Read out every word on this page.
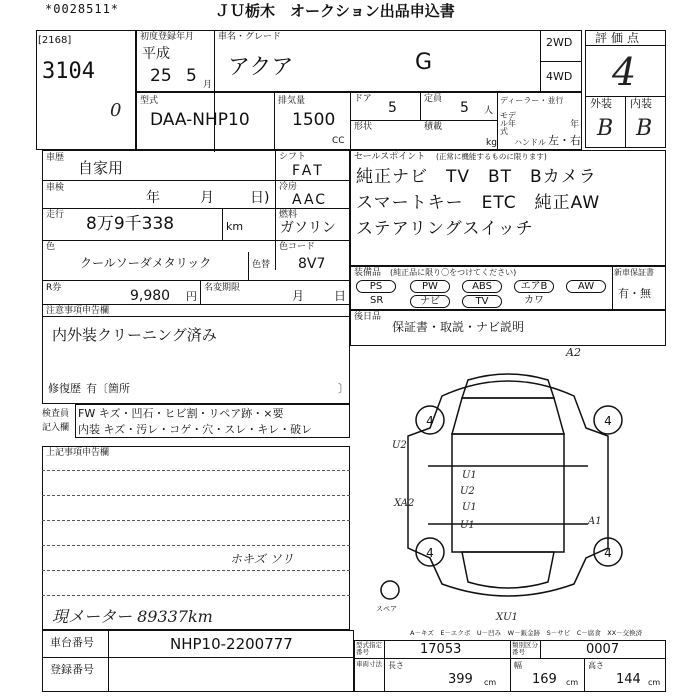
*0028511*	ＪＵ栃木　オークション出品申込書
[2168]
3104
0
初度登録年月
平成
25 5 月
車名・グレード
アクア	G
2WD
4WD
評価点
4
外装 内装
B B
型式
DAA-NHP10
排気量
1500
CC
ドア
5
定員
5 人
ディーラー・並行
モデル年式
年
形状	積載
kg ハンドル 左・右
車歴
自家用
シフト
FAT
車検
年	月	日)
冷房
AAC
走行 8万9千338	km
燃料
ガソリン
色
クールソーダメタリック	色替
色コード
8V7
R券	9,980 円
名変期限
月 日
注意事項申告欄
内外装クリーニング済み
修復歴 有〔箇所	〕
セールスポイント (正常に機能するものに限ります)
純正ナビ　TV　BT　Bカメラ
スマートキー　ETC　純正AW
ステアリングスイッチ
装備品 (純正品に限り〇をつけてください)	新車保証書
有・無
PS	PW	ABS	エアB	AW
SR	ナビ	TV	カワ
後日品
保証書・取説・ナビ説明
検査員
記入欄
FW キズ・凹石・ヒビ割・リペア跡・×要
内装 キズ・汚レ・コゲ・穴・スレ・キレ・破レ
上記事項申告欄
ホキズ ソリ
現メーター 89337km
4	4
4	4
A2
U2
U1
U2
U1
U1
XA2
A1
XU1
スペア
A－キズ　E－エクボ　U－凹み　W－鈑金跡　S－サビ　C－腐食　XX－交換済
車台番号	NHP10-2200777
登録番号
型式指定番号	17053	類別区分番号	0007
車両寸法 長さ
399 cm
幅
169 cm
高さ
144 cm
